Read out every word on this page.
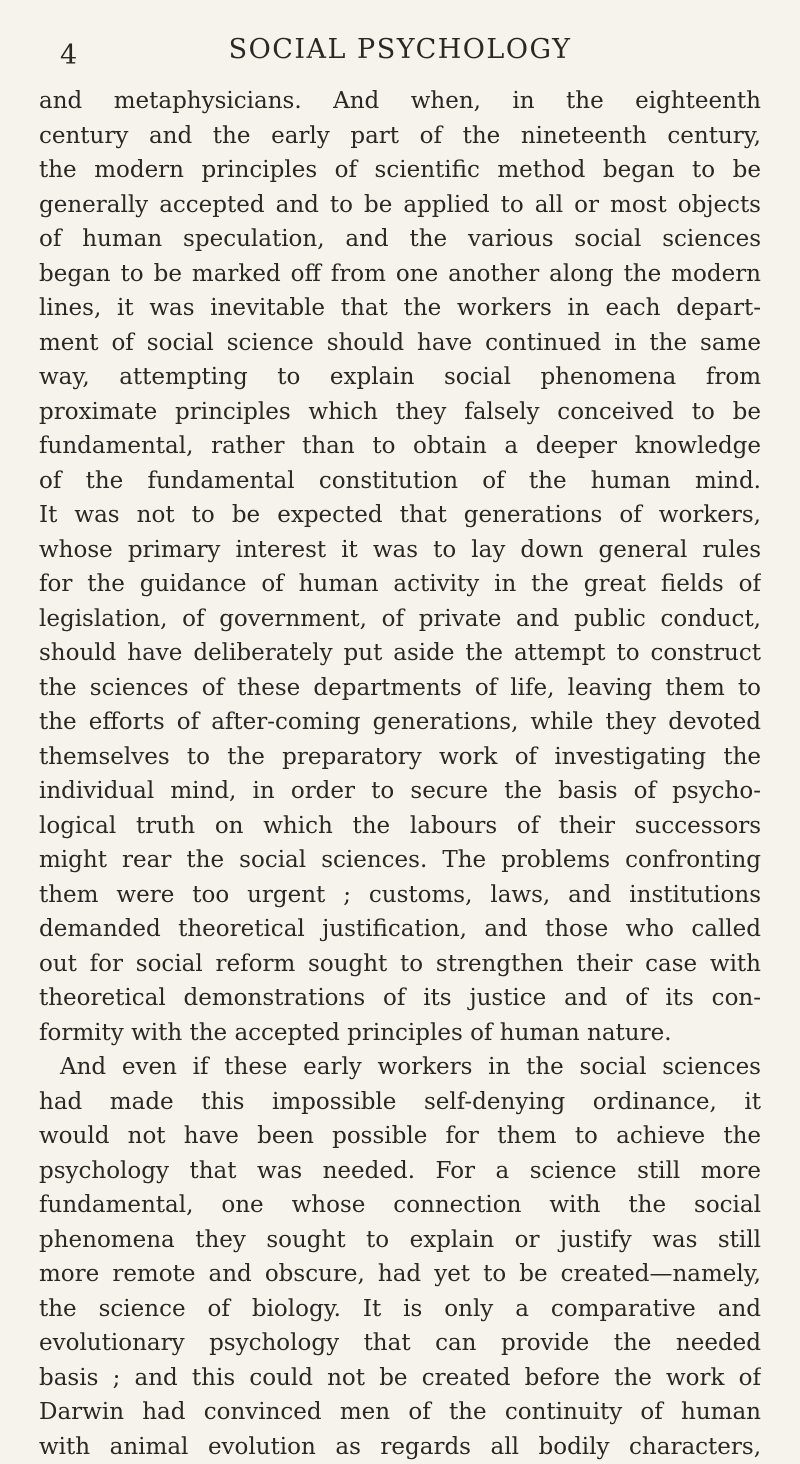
4	SOCIAL PSYCHOLOGY
and metaphysicians. And when, in the eighteenth
century and the early part of the nineteenth century,
the modern principles of scientific method began to be
generally accepted and to be applied to all or most objects
of human speculation, and the various social sciences
began to be marked off from one another along the modern
lines, it was inevitable that the workers in each depart-
ment of social science should have continued in the same
way, attempting to explain social phenomena from
proximate principles which they falsely conceived to be
fundamental, rather than to obtain a deeper knowledge
of the fundamental constitution of the human mind.
It was not to be expected that generations of workers,
whose primary interest it was to lay down general rules
for the guidance of human activity in the great fields of
legislation, of government, of private and public conduct,
should have deliberately put aside the attempt to construct
the sciences of these departments of life, leaving them to
the efforts of after-coming generations, while they devoted
themselves to the preparatory work of investigating the
individual mind, in order to secure the basis of psycho-
logical truth on which the labours of their successors
might rear the social sciences. The problems confronting
them were too urgent ; customs, laws, and institutions
demanded theoretical justification, and those who called
out for social reform sought to strengthen their case with
theoretical demonstrations of its justice and of its con-
formity with the accepted principles of human nature.
And even if these early workers in the social sciences
had made this impossible self-denying ordinance, it
would not have been possible for them to achieve the
psychology that was needed. For a science still more
fundamental, one whose connection with the social
phenomena they sought to explain or justify was still
more remote and obscure, had yet to be created—namely,
the science of biology. It is only a comparative and
evolutionary psychology that can provide the needed
basis ; and this could not be created before the work of
Darwin had convinced men of the continuity of human
with animal evolution as regards all bodily characters,
